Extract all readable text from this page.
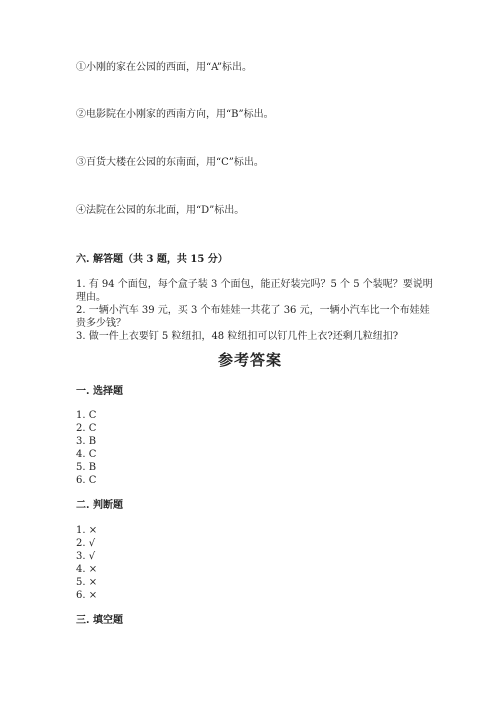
①小刚的家在公园的西面，用“A”标出。
②电影院在小刚家的西南方向，用“B”标出。
③百货大楼在公园的东南面，用“C”标出。
④法院在公园的东北面，用“D”标出。
六. 解答题（共 3 题，共 15 分）
1. 有 94 个面包，每个盒子装 3 个面包，能正好装完吗？5 个 5 个装呢？要说明
理由。
2. 一辆小汽车 39 元，买 3 个布娃娃一共花了 36 元，一辆小汽车比一个布娃娃
贵多少钱？
3. 做一件上衣要钉 5 粒纽扣，48 粒纽扣可以钉几件上衣?还剩几粒纽扣?
参考答案
一. 选择题
1. C
2. C
3. B
4. C
5. B
6. C
二. 判断题
1. ×
2. √
3. √
4. ×
5. ×
6. ×
三. 填空题
